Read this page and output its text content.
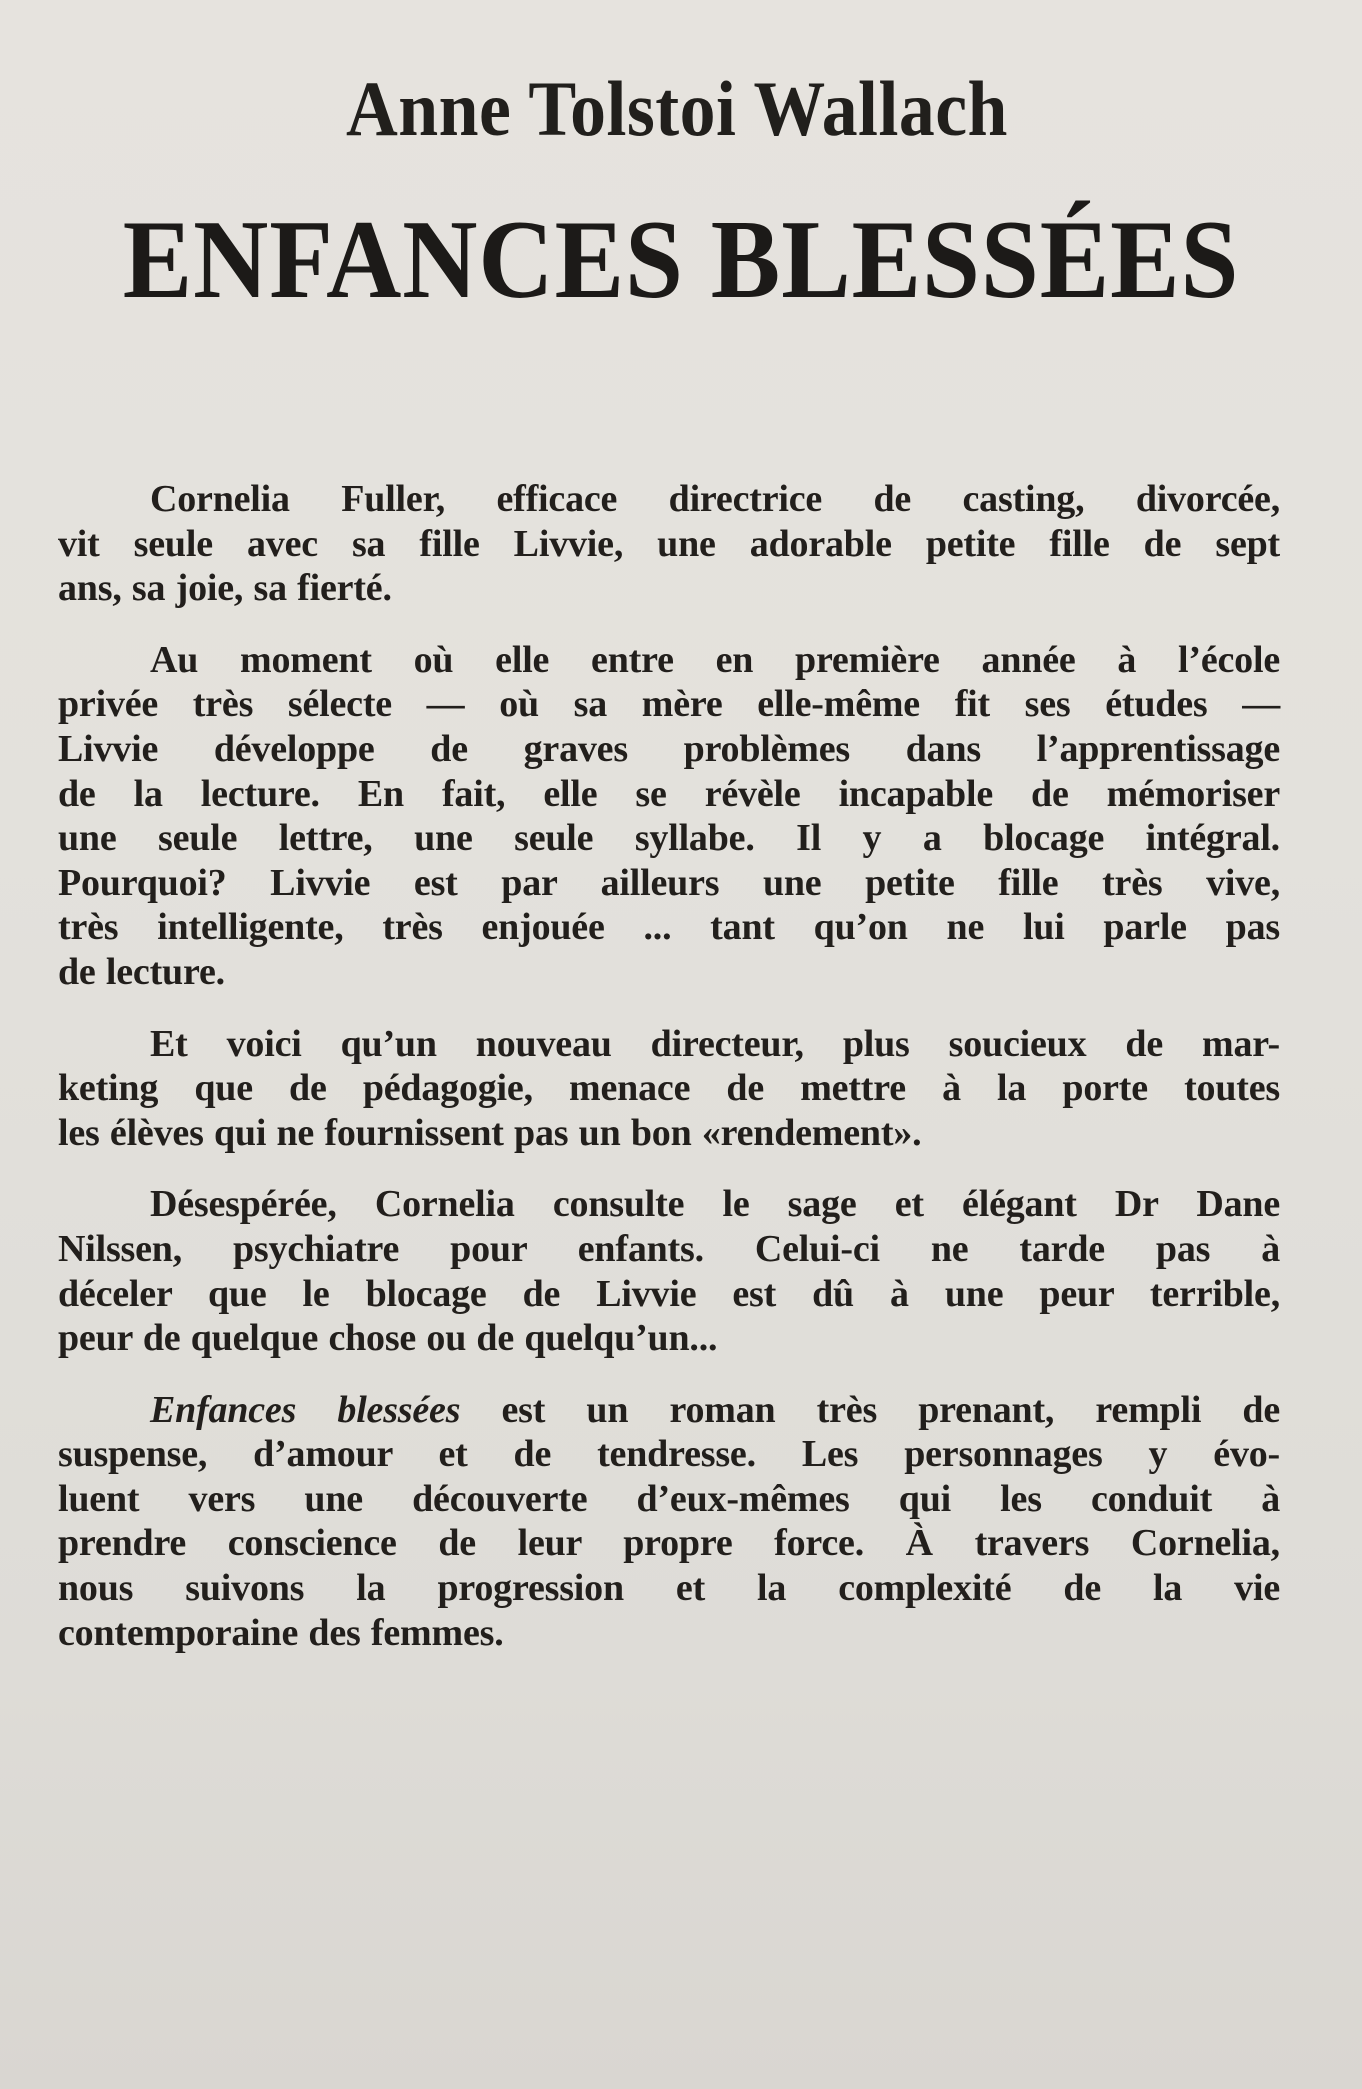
Anne Tolstoi Wallach
ENFANCES BLESSÉES
Cornelia Fuller, efficace directrice de casting, divorcée,
vit seule avec sa fille Livvie, une adorable petite fille de sept
ans, sa joie, sa fierté.
Au moment où elle entre en première année à l’école
privée très sélecte — où sa mère elle-même fit ses études —
Livvie développe de graves problèmes dans l’apprentissage
de la lecture. En fait, elle se révèle incapable de mémoriser
une seule lettre, une seule syllabe. Il y a blocage intégral.
Pourquoi? Livvie est par ailleurs une petite fille très vive,
très intelligente, très enjouée ... tant qu’on ne lui parle pas
de lecture.
Et voici qu’un nouveau directeur, plus soucieux de mar-
keting que de pédagogie, menace de mettre à la porte toutes
les élèves qui ne fournissent pas un bon «rendement».
Désespérée, Cornelia consulte le sage et élégant Dr Dane
Nilssen, psychiatre pour enfants. Celui-ci ne tarde pas à
déceler que le blocage de Livvie est dû à une peur terrible,
peur de quelque chose ou de quelqu’un...
Enfances blessées est un roman très prenant, rempli de
suspense, d’amour et de tendresse. Les personnages y évo-
luent vers une découverte d’eux-mêmes qui les conduit à
prendre conscience de leur propre force. À travers Cornelia,
nous suivons la progression et la complexité de la vie
contemporaine des femmes.
